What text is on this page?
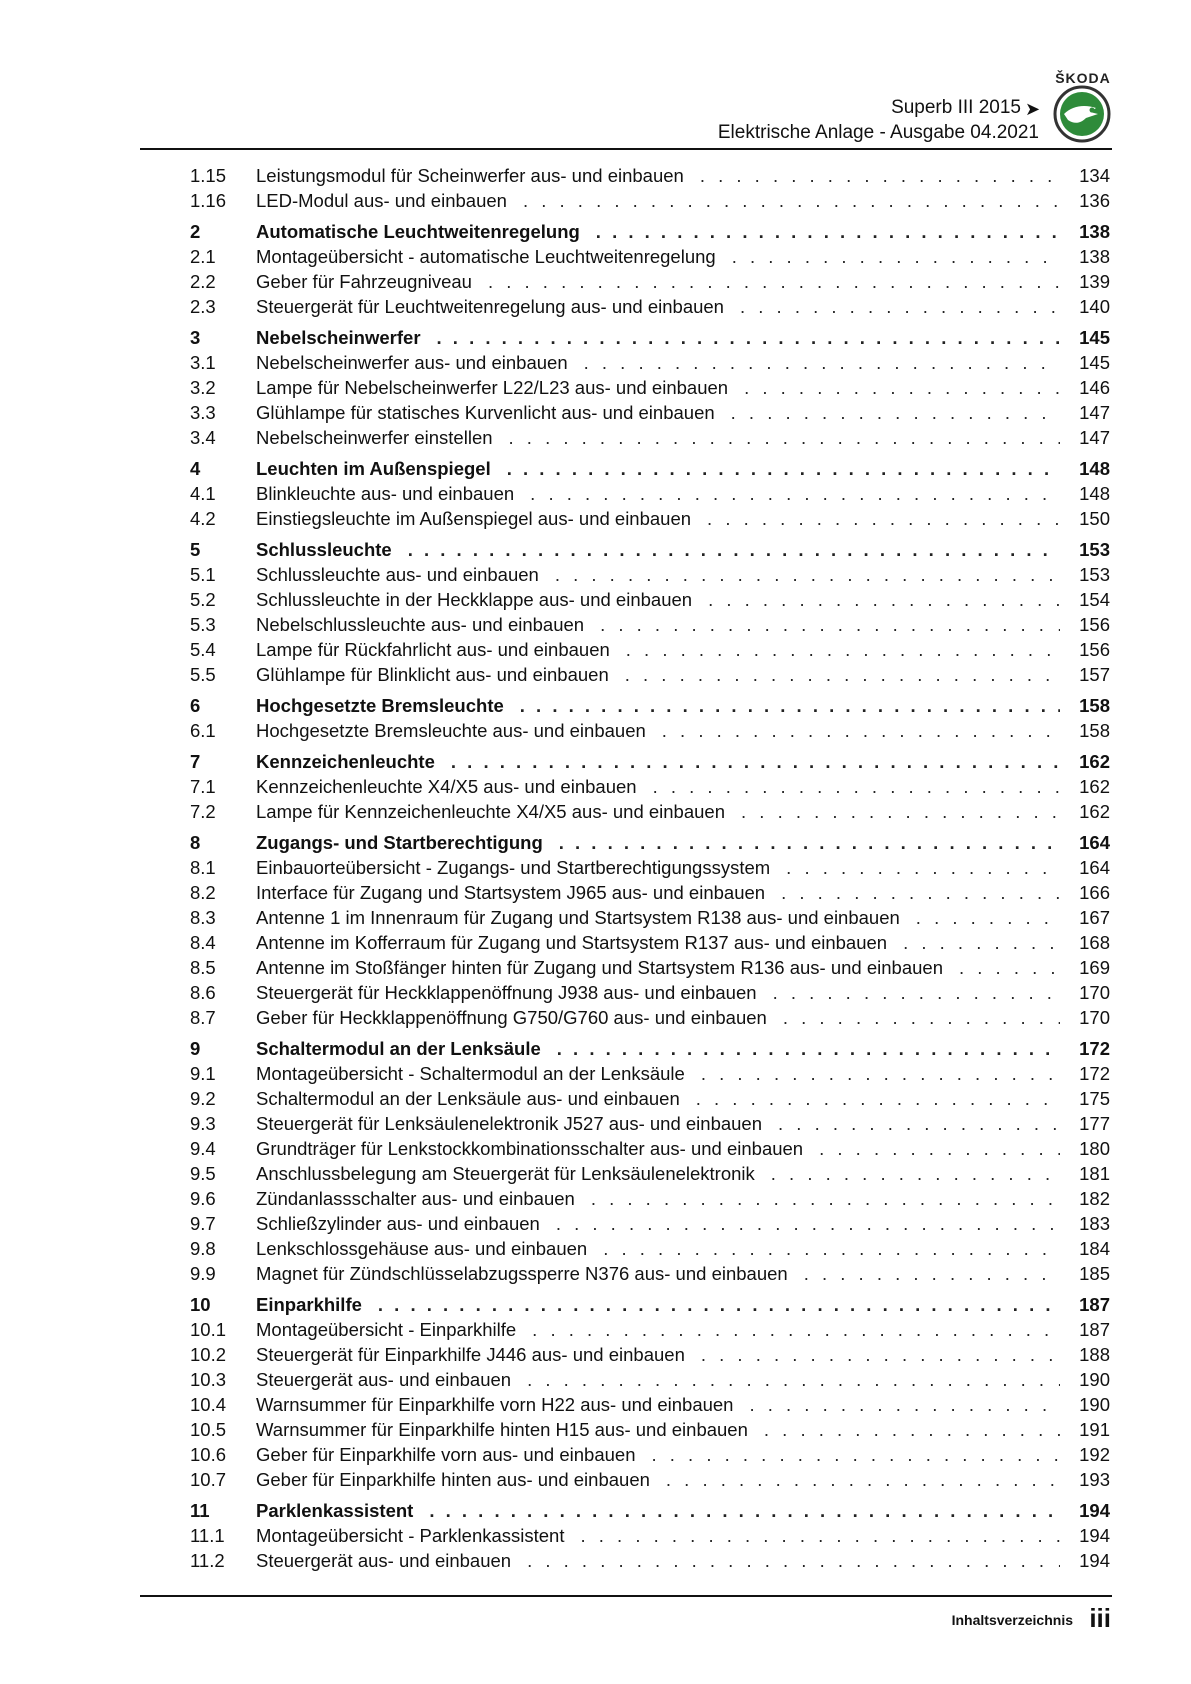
ŠKODA
Superb III 2015 ➤
Elektrische Anlage - Ausgabe 04.2021
1.15	Leistungsmodul für Scheinwerfer aus- und einbauen . . .	134
1.16	LED-Modul aus- und einbauen . . .	136
2	Automatische Leuchtweitenregelung . . .	138
2.1	Montageübersicht - automatische Leuchtweitenregelung . . .	138
2.2	Geber für Fahrzeugniveau . . .	139
2.3	Steuergerät für Leuchtweitenregelung aus- und einbauen . . .	140
3	Nebelscheinwerfer . . .	145
3.1	Nebelscheinwerfer aus- und einbauen . . .	145
3.2	Lampe für Nebelscheinwerfer L22/L23 aus- und einbauen . . .	146
3.3	Glühlampe für statisches Kurvenlicht aus- und einbauen . . .	147
3.4	Nebelscheinwerfer einstellen . . .	147
4	Leuchten im Außenspiegel . . .	148
4.1	Blinkleuchte aus- und einbauen . . .	148
4.2	Einstiegsleuchte im Außenspiegel aus- und einbauen . . .	150
5	Schlussleuchte . . .	153
5.1	Schlussleuchte aus- und einbauen . . .	153
5.2	Schlussleuchte in der Heckklappe aus- und einbauen . . .	154
5.3	Nebelschlussleuchte aus- und einbauen . . .	156
5.4	Lampe für Rückfahrlicht aus- und einbauen . . .	156
5.5	Glühlampe für Blinklicht aus- und einbauen . . .	157
6	Hochgesetzte Bremsleuchte . . .	158
6.1	Hochgesetzte Bremsleuchte aus- und einbauen . . .	158
7	Kennzeichenleuchte . . .	162
7.1	Kennzeichenleuchte X4/X5 aus- und einbauen . . .	162
7.2	Lampe für Kennzeichenleuchte X4/X5 aus- und einbauen . . .	162
8	Zugangs- und Startberechtigung . . .	164
8.1	Einbauorteübersicht - Zugangs- und Startberechtigungssystem . . .	164
8.2	Interface für Zugang und Startsystem J965 aus- und einbauen . . .	166
8.3	Antenne 1 im Innenraum für Zugang und Startsystem R138 aus- und einbauen . . .	167
8.4	Antenne im Kofferraum für Zugang und Startsystem R137 aus- und einbauen . . .	168
8.5	Antenne im Stoßfänger hinten für Zugang und Startsystem R136 aus- und einbauen . . .	169
8.6	Steuergerät für Heckklappenöffnung J938 aus- und einbauen . . .	170
8.7	Geber für Heckklappenöffnung G750/G760 aus- und einbauen . . .	170
9	Schaltermodul an der Lenksäule . . .	172
9.1	Montageübersicht - Schaltermodul an der Lenksäule . . .	172
9.2	Schaltermodul an der Lenksäule aus- und einbauen . . .	175
9.3	Steuergerät für Lenksäulenelektronik J527 aus- und einbauen . . .	177
9.4	Grundträger für Lenkstockkombinationsschalter aus- und einbauen . . .	180
9.5	Anschlussbelegung am Steuergerät für Lenksäulenelektronik . . .	181
9.6	Zündanlassschalter aus- und einbauen . . .	182
9.7	Schließzylinder aus- und einbauen . . .	183
9.8	Lenkschlossgehäuse aus- und einbauen . . .	184
9.9	Magnet für Zündschlüsselabzugssperre N376 aus- und einbauen . . .	185
10	Einparkhilfe . . .	187
10.1	Montageübersicht - Einparkhilfe . . .	187
10.2	Steuergerät für Einparkhilfe J446 aus- und einbauen . . .	188
10.3	Steuergerät aus- und einbauen . . .	190
10.4	Warnsummer für Einparkhilfe vorn H22 aus- und einbauen . . .	190
10.5	Warnsummer für Einparkhilfe hinten H15 aus- und einbauen . . .	191
10.6	Geber für Einparkhilfe vorn aus- und einbauen . . .	192
10.7	Geber für Einparkhilfe hinten aus- und einbauen . . .	193
11	Parklenkassistent . . .	194
11.1	Montageübersicht - Parklenkassistent . . .	194
11.2	Steuergerät aus- und einbauen . . .	194
Inhaltsverzeichnis iii
